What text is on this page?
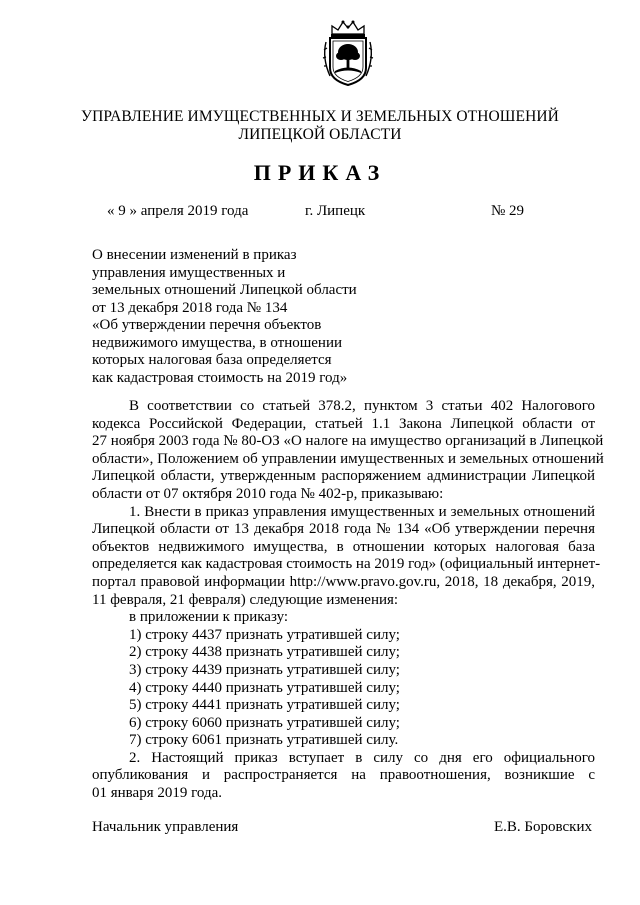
УПРАВЛЕНИЕ ИМУЩЕСТВЕННЫХ И ЗЕМЕЛЬНЫХ ОТНОШЕНИЙ
ЛИПЕЦКОЙ ОБЛАСТИ
ПРИКАЗ
« 9 » апреля 2019 года	г. Липецк	№ 29
О внесении изменений в приказ
управления имущественных и
земельных отношений Липецкой области
от 13 декабря 2018 года № 134
«Об утверждении перечня объектов
недвижимого имущества, в отношении
которых налоговая база определяется
как кадастровая стоимость на 2019 год»
В соответствии со статьей 378.2, пунктом 3 статьи 402 Налогового
кодекса Российской Федерации, статьей 1.1 Закона Липецкой области от
27 ноября 2003 года № 80-ОЗ «О налоге на имущество организаций в Липецкой
области», Положением об управлении имущественных и земельных отношений
Липецкой области, утвержденным распоряжением администрации Липецкой
области от 07 октября 2010 года № 402-р, приказываю:
1. Внести в приказ управления имущественных и земельных отношений
Липецкой области от 13 декабря 2018 года № 134 «Об утверждении перечня
объектов недвижимого имущества, в отношении которых налоговая база
определяется как кадастровая стоимость на 2019 год» (официальный интернет-
портал правовой информации http://www.pravo.gov.ru, 2018, 18 декабря, 2019,
11 февраля, 21 февраля) следующие изменения:
в приложении к приказу:
1) строку 4437 признать утратившей силу;
2) строку 4438 признать утратившей силу;
3) строку 4439 признать утратившей силу;
4) строку 4440 признать утратившей силу;
5) строку 4441 признать утратившей силу;
6) строку 6060 признать утратившей силу;
7) строку 6061 признать утратившей силу.
2. Настоящий приказ вступает в силу со дня его официального
опубликования и распространяется на правоотношения, возникшие с
01 января 2019 года.
Начальник управления	Е.В. Боровских
